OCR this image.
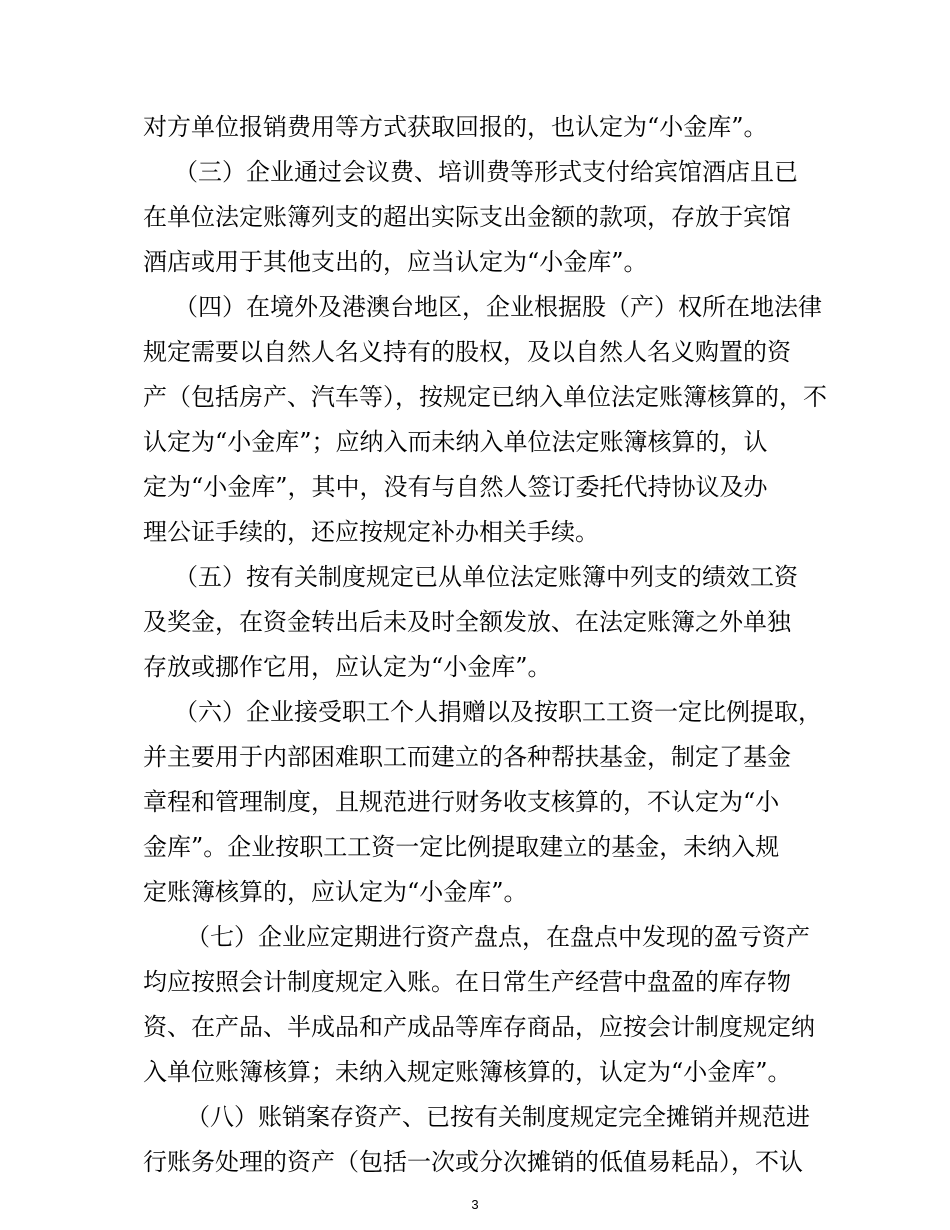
对方单位报销费用等方式获取回报的，也认定为“小金库”。
（三）企业通过会议费、培训费等形式支付给宾馆酒店且已
在单位法定账簿列支的超出实际支出金额的款项，存放于宾馆
酒店或用于其他支出的，应当认定为“小金库”。
（四）在境外及港澳台地区，企业根据股（产）权所在地法律
规定需要以自然人名义持有的股权，及以自然人名义购置的资
产（包括房产、汽车等），按规定已纳入单位法定账簿核算的，不
认定为“小金库”；应纳入而未纳入单位法定账簿核算的，认
定为“小金库”，其中，没有与自然人签订委托代持协议及办
理公证手续的，还应按规定补办相关手续。
（五）按有关制度规定已从单位法定账簿中列支的绩效工资
及奖金，在资金转出后未及时全额发放、在法定账簿之外单独
存放或挪作它用，应认定为“小金库”。
（六）企业接受职工个人捐赠以及按职工工资一定比例提取，
并主要用于内部困难职工而建立的各种帮扶基金，制定了基金
章程和管理制度，且规范进行财务收支核算的，不认定为“小
金库”。企业按职工工资一定比例提取建立的基金，未纳入规
定账簿核算的，应认定为“小金库”。
（七）企业应定期进行资产盘点，在盘点中发现的盈亏资产
均应按照会计制度规定入账。在日常生产经营中盘盈的库存物
资、在产品、半成品和产成品等库存商品，应按会计制度规定纳
入单位账簿核算；未纳入规定账簿核算的，认定为“小金库”。
（八）账销案存资产、已按有关制度规定完全摊销并规范进
行账务处理的资产（包括一次或分次摊销的低值易耗品），不认
3
